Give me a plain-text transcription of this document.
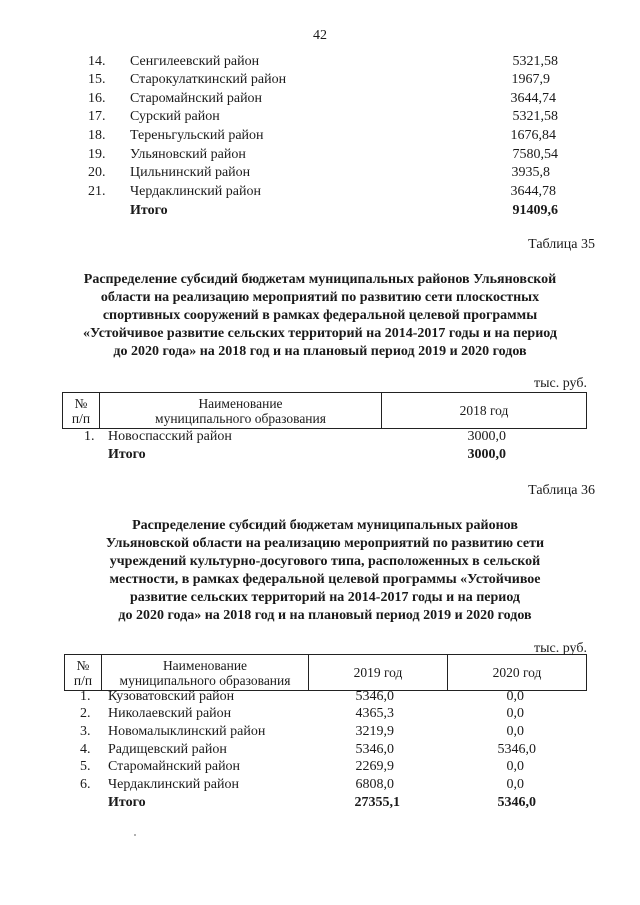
42
14. Сенгилеевский район	5321,58
15. Старокулаткинский район	1967,9
16. Старомайнский район	3644,74
17. Сурский район	5321,58
18. Тереньгульский район	1676,84
19. Ульяновский район	7580,54
20. Цильнинский район	3935,8
21. Чердаклинский район	3644,78
Итого	91409,6
Таблица 35
Распределение субсидий бюджетам муниципальных районов Ульяновской
области на реализацию мероприятий по развитию сети плоскостных
спортивных сооружений в рамках федеральной целевой программы
«Устойчивое развитие сельских территорий на 2014-2017 годы и на период
до 2020 года» на 2018 год и на плановый период 2019 и 2020 годов
тыс. руб.
№
п/п

Наименование
муниципального образования	2018 год
1. Новоспасский район	3000,0
Итого	3000,0
Таблица 36
Распределение субсидий бюджетам муниципальных районов
Ульяновской области на реализацию мероприятий по развитию сети
учреждений культурно-досугового типа, расположенных в сельской
местности, в рамках федеральной целевой программы «Устойчивое
развитие сельских территорий на 2014-2017 годы и на период
до 2020 года» на 2018 год и на плановый период 2019 и 2020 годов
тыс. руб.
№
п/п

Наименование
муниципального образования	2019 год	2020 год
1. Кузоватовский район	5346,0	0,0
2. Николаевский район	4365,3	0,0
3. Новомалыклинский район	3219,9	0,0
4. Радищевский район	5346,0	5346,0
5. Старомайнский район	2269,9	0,0
6. Чердаклинский район	6808,0	0,0
Итого	27355,1	5346,0
